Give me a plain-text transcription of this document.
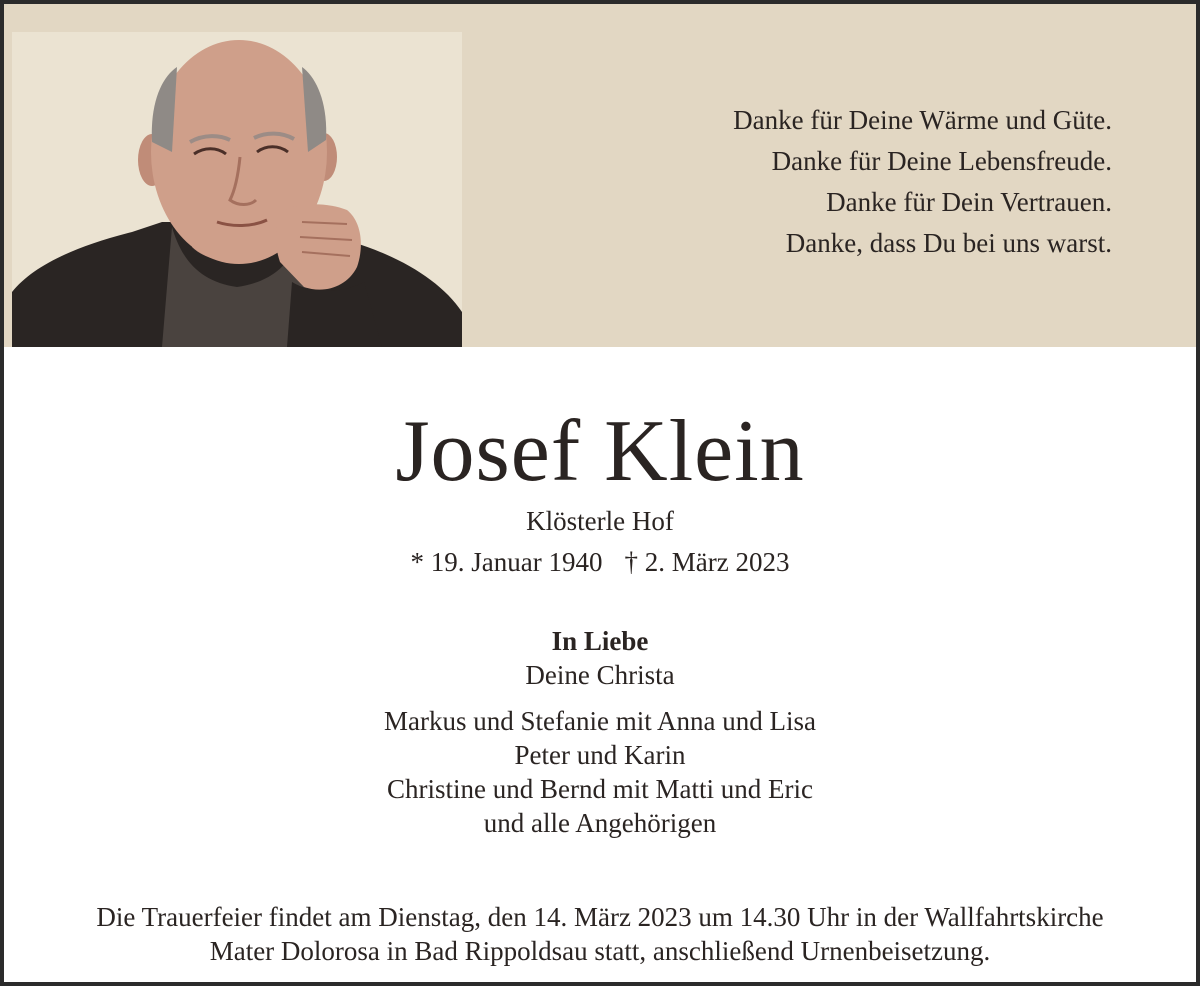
Danke für Deine Wärme und Güte.
Danke für Deine Lebensfreude.
Danke für Dein Vertrauen.
Danke, dass Du bei uns warst.
Josef Klein
Klösterle Hof
* 19. Januar 1940 † 2. März 2023
In Liebe
Deine Christa
Markus und Stefanie mit Anna und Lisa
Peter und Karin
Christine und Bernd mit Matti und Eric
und alle Angehörigen
Die Trauerfeier findet am Dienstag, den 14. März 2023 um 14.30 Uhr in der Wallfahrtskirche
Mater Dolorosa in Bad Rippoldsau statt, anschließend Urnenbeisetzung.
